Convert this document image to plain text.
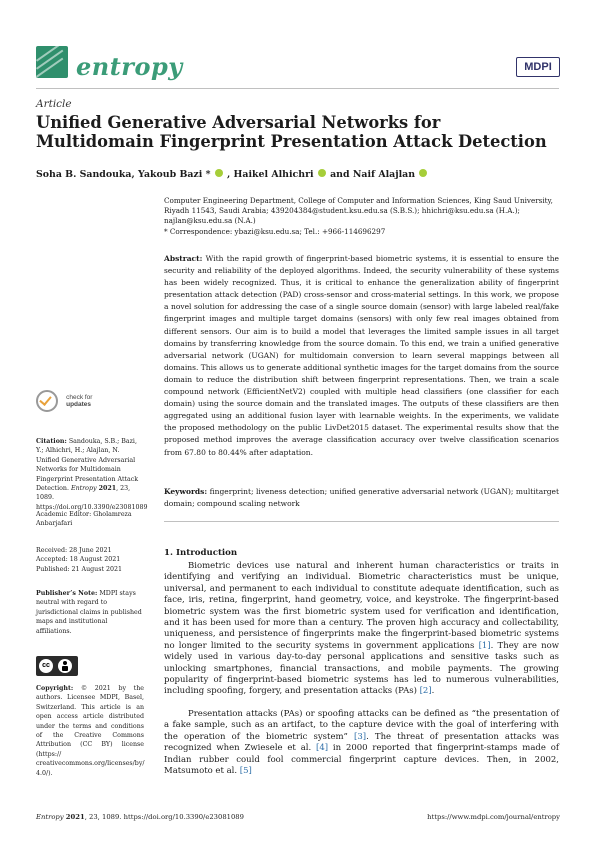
entropy	MDPI
Article
Unified Generative Adversarial Networks for Multidomain Fingerprint Presentation Attack Detection
Soha B. Sandouka, Yakoub Bazi * , Haikel Alhichri and Naif Alajlan
Computer Engineering Department, College of Computer and Information Sciences, King Saud University,
Riyadh 11543, Saudi Arabia; 439204384@student.ksu.edu.sa (S.B.S.); hhichri@ksu.edu.sa (H.A.);
najlan@ksu.edu.sa (N.A.)
* Correspondence: ybazi@ksu.edu.sa; Tel.: +966-114696297
Abstract: With the rapid growth of fingerprint-based biometric systems, it is essential to ensure the security and reliability of the deployed algorithms. Indeed, the security vulnerability of these systems has been widely recognized. Thus, it is critical to enhance the generalization ability of fingerprint presentation attack detection (PAD) cross-sensor and cross-material settings. In this work, we propose a novel solution for addressing the case of a single source domain (sensor) with large labeled real/fake fingerprint images and multiple target domains (sensors) with only few real images obtained from different sensors. Our aim is to build a model that leverages the limited sample issues in all target domains by transferring knowledge from the source domain. To this end, we train a unified generative adversarial network (UGAN) for multidomain conversion to learn several mappings between all domains. This allows us to generate additional synthetic images for the target domains from the source domain to reduce the distribution shift between fingerprint representations. Then, we train a scale compound network (EfficientNetV2) coupled with multiple head classifiers (one classifier for each domain) using the source domain and the translated images. The outputs of these classifiers are then aggregated using an additional fusion layer with learnable weights. In the experiments, we validate the proposed methodology on the public LivDet2015 dataset. The experimental results show that the proposed method improves the average classification accuracy over twelve classification scenarios from 67.80 to 80.44% after adaptation.
Keywords: fingerprint; liveness detection; unified generative adversarial network (UGAN); multitarget domain; compound scaling network
1. Introduction
Biometric devices use natural and inherent human characteristics or traits in identifying and verifying an individual. Biometric characteristics must be unique, universal, and permanent to each individual to constitute adequate identification, such as face, iris, retina, fingerprint, hand geometry, voice, and keystroke. The fingerprint-based biometric system was the first biometric system used for verification and identification, and it has been used for more than a century. The proven high accuracy and collectability, uniqueness, and persistence of fingerprints make the fingerprint-based biometric systems no longer limited to the security systems in government applications [1]. They are now widely used in various day-to-day personal applications and sensitive tasks such as unlocking smartphones, financial transactions, and mobile payments. The growing popularity of fingerprint-based biometric systems has led to numerous vulnerabilities, including spoofing, forgery, and presentation attacks (PAs) [2].
Presentation attacks (PAs) or spoofing attacks can be defined as “the presentation of a fake sample, such as an artifact, to the capture device with the goal of interfering with the operation of the biometric system” [3]. The threat of presentation attacks was recognized when Zwiesele et al. [4] in 2000 reported that fingerprint-stamps made of Indian rubber could fool commercial fingerprint capture devices. Then, in 2002, Matsumoto et al. [5]
check for
updates
Citation: Sandouka, S.B.; Bazi, Y.; Alhichri, H.; Alajlan, N. Unified Generative Adversarial Networks for Multidomain Fingerprint Presentation Attack Detection. Entropy 2021, 23, 1089. https://doi.org/10.3390/e23081089
Academic Editor: Gholamreza Anbarjafari
Received: 28 June 2021
Accepted: 18 August 2021
Published: 21 August 2021
Publisher’s Note: MDPI stays neutral with regard to jurisdictional claims in published maps and institutional affiliations.
cc
Copyright: © 2021 by the authors. Licensee MDPI, Basel, Switzerland. This article is an open access article distributed under the terms and conditions of the Creative Commons Attribution (CC BY) license (https:// creativecommons.org/licenses/by/ 4.0/).
Entropy 2021, 23, 1089. https://doi.org/10.3390/e23081089	https://www.mdpi.com/journal/entropy
